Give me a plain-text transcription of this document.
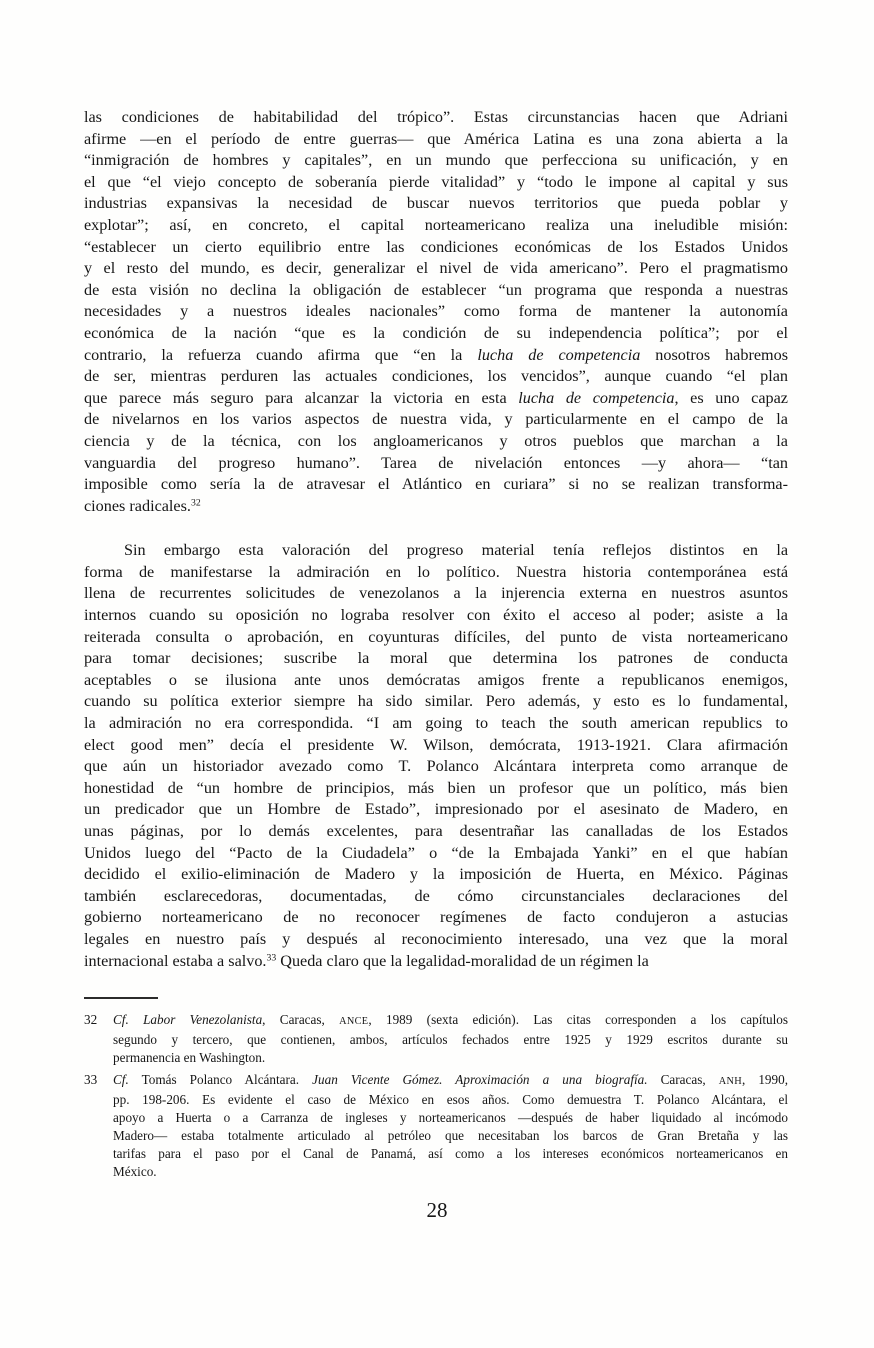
las condiciones de habitabilidad del trópico”. Estas circunstancias hacen que Adriani
afirme —en el período de entre guerras— que América Latina es una zona abierta a la
“inmigración de hombres y capitales”, en un mundo que perfecciona su unificación, y en
el que “el viejo concepto de soberanía pierde vitalidad” y “todo le impone al capital y sus
industrias expansivas la necesidad de buscar nuevos territorios que pueda poblar y
explotar”; así, en concreto, el capital norteamericano realiza una ineludible misión:
“establecer un cierto equilibrio entre las condiciones económicas de los Estados Unidos
y el resto del mundo, es decir, generalizar el nivel de vida americano”. Pero el pragmatismo
de esta visión no declina la obligación de establecer “un programa que responda a nuestras
necesidades y a nuestros ideales nacionales” como forma de mantener la autonomía
económica de la nación “que es la condición de su independencia política”; por el
contrario, la refuerza cuando afirma que “en la lucha de competencia nosotros habremos
de ser, mientras perduren las actuales condiciones, los vencidos”, aunque cuando “el plan
que parece más seguro para alcanzar la victoria en esta lucha de competencia, es uno capaz
de nivelarnos en los varios aspectos de nuestra vida, y particularmente en el campo de la
ciencia y de la técnica, con los angloamericanos y otros pueblos que marchan a la
vanguardia del progreso humano”. Tarea de nivelación entonces —y ahora— “tan
imposible como sería la de atravesar el Atlántico en curiara” si no se realizan transforma-
ciones radicales.$^{32}$
Sin embargo esta valoración del progreso material tenía reflejos distintos en la
forma de manifestarse la admiración en lo político. Nuestra historia contemporánea está
llena de recurrentes solicitudes de venezolanos a la injerencia externa en nuestros asuntos
internos cuando su oposición no lograba resolver con éxito el acceso al poder; asiste a la
reiterada consulta o aprobación, en coyunturas difíciles, del punto de vista norteamericano
para tomar decisiones; suscribe la moral que determina los patrones de conducta
aceptables o se ilusiona ante unos demócratas amigos frente a republicanos enemigos,
cuando su política exterior siempre ha sido similar. Pero además, y esto es lo fundamental,
la admiración no era correspondida. “I am going to teach the south american republics to
elect good men” decía el presidente W. Wilson, demócrata, 1913-1921. Clara afirmación
que aún un historiador avezado como T. Polanco Alcántara interpreta como arranque de
honestidad de “un hombre de principios, más bien un profesor que un político, más bien
un predicador que un Hombre de Estado”, impresionado por el asesinato de Madero, en
unas páginas, por lo demás excelentes, para desentrañar las canalladas de los Estados
Unidos luego del “Pacto de la Ciudadela” o “de la Embajada Yanki” en el que habían
decidido el exilio-eliminación de Madero y la imposición de Huerta, en México. Páginas
también esclarecedoras, documentadas, de cómo circunstanciales declaraciones del
gobierno norteamericano de no reconocer regímenes de facto condujeron a astucias
legales en nuestro país y después al reconocimiento interesado, una vez que la moral
internacional estaba a salvo.$^{33}$ Queda claro que la legalidad-moralidad de un régimen la
32	Cf. Labor Venezolanista, Caracas, ANCE, 1989 (sexta edición). Las citas corresponden a los capítulos
segundo y tercero, que contienen, ambos, artículos fechados entre 1925 y 1929 escritos durante su
permanencia en Washington.
33	Cf. Tomás Polanco Alcántara. Juan Vicente Gómez. Aproximación a una biografía. Caracas, ANH, 1990,
pp. 198-206. Es evidente el caso de México en esos años. Como demuestra T. Polanco Alcántara, el
apoyo a Huerta o a Carranza de ingleses y norteamericanos —después de haber liquidado al incómodo
Madero— estaba totalmente articulado al petróleo que necesitaban los barcos de Gran Bretaña y las
tarifas para el paso por el Canal de Panamá, así como a los intereses económicos norteamericanos en
México.
28
